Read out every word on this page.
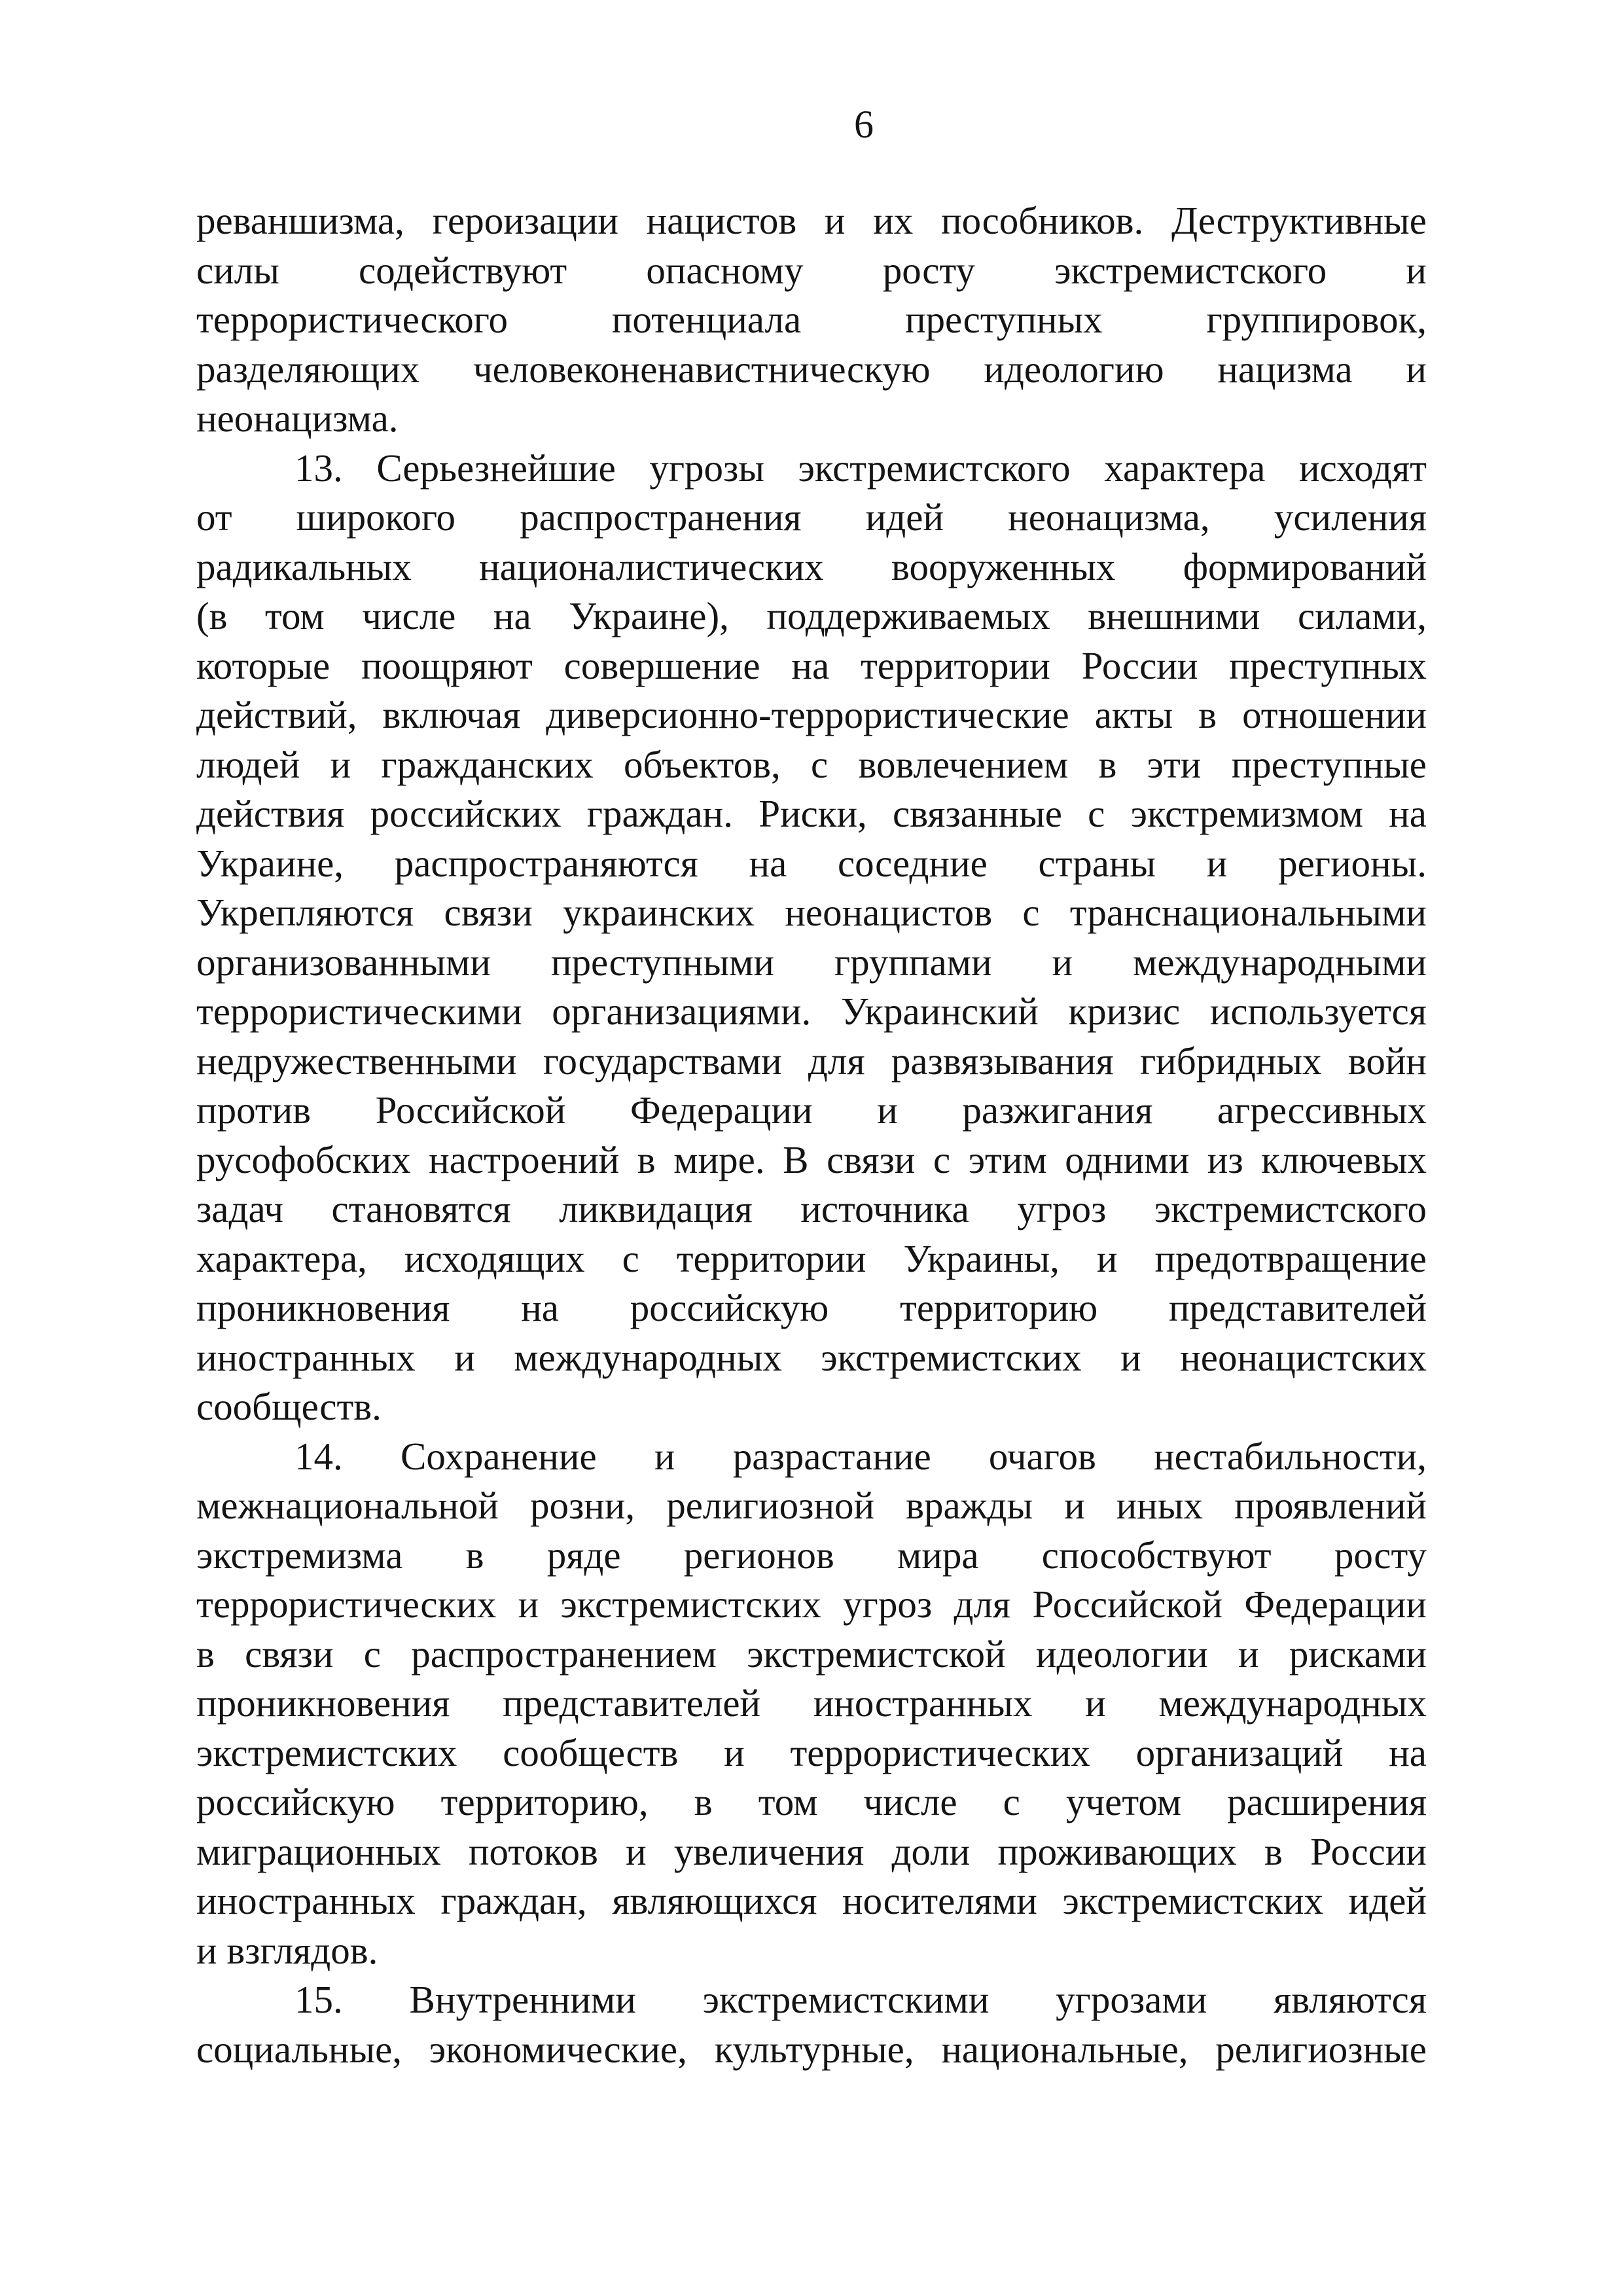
6
реваншизма, героизации нацистов и их пособников. Деструктивные
силы содействуют опасному росту экстремистского и
террористического потенциала преступных группировок,
разделяющих человеконенавистническую идеологию нацизма и
неонацизма.
13. Серьезнейшие угрозы экстремистского характера исходят
от широкого распространения идей неонацизма, усиления
радикальных националистических вооруженных формирований
(в том числе на Украине), поддерживаемых внешними силами,
которые поощряют совершение на территории России преступных
действий, включая диверсионно-террористические акты в отношении
людей и гражданских объектов, с вовлечением в эти преступные
действия российских граждан. Риски, связанные с экстремизмом на
Украине, распространяются на соседние страны и регионы.
Укрепляются связи украинских неонацистов с транснациональными
организованными преступными группами и международными
террористическими организациями. Украинский кризис используется
недружественными государствами для развязывания гибридных войн
против Российской Федерации и разжигания агрессивных
русофобских настроений в мире. В связи с этим одними из ключевых
задач становятся ликвидация источника угроз экстремистского
характера, исходящих с территории Украины, и предотвращение
проникновения на российскую территорию представителей
иностранных и международных экстремистских и неонацистских
сообществ.
14. Сохранение и разрастание очагов нестабильности,
межнациональной розни, религиозной вражды и иных проявлений
экстремизма в ряде регионов мира способствуют росту
террористических и экстремистских угроз для Российской Федерации
в связи с распространением экстремистской идеологии и рисками
проникновения представителей иностранных и международных
экстремистских сообществ и террористических организаций на
российскую территорию, в том числе с учетом расширения
миграционных потоков и увеличения доли проживающих в России
иностранных граждан, являющихся носителями экстремистских идей
и взглядов.
15. Внутренними экстремистскими угрозами являются
социальные, экономические, культурные, национальные, религиозные
